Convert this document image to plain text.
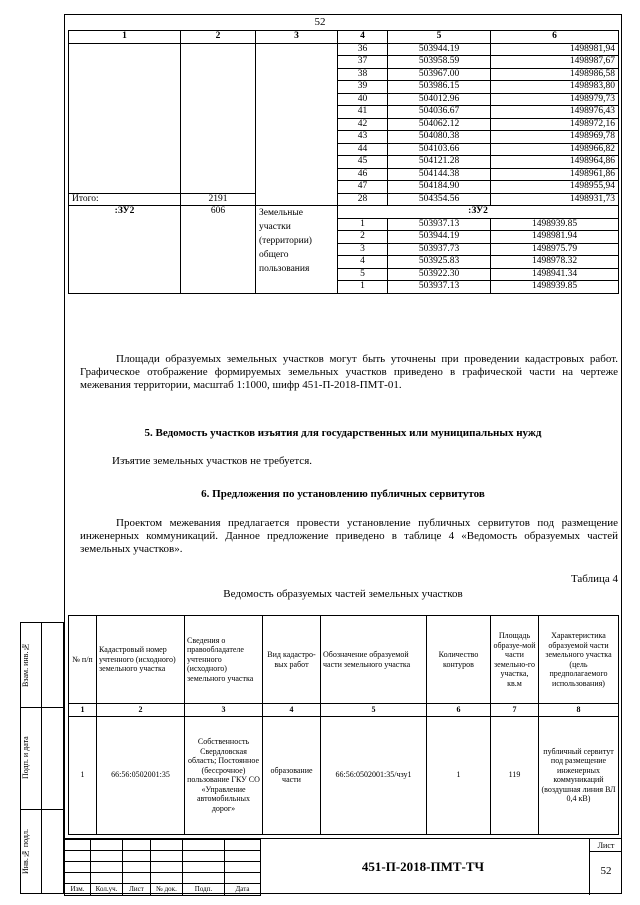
52
1	2	3	4	5	6
			36	503944.19	1498981,94
			37	503958.59	1498987,67
			38	503967.00	1498986,58
			39	503986.15	1498983,80
			40	504012.96	1498979,73
			41	504036.67	1498976,43
			42	504062.12	1498972,16
			43	504080.38	1498969,78
			44	504103.66	1498966,82
			45	504121.28	1498964,86
			46	504144.38	1498961,86
			47	504184.90	1498955,94
Итого:	2191		28	504354.56	1498931,73
:ЗУ2	606	Земельные участки (территории) общего пользования	:ЗУ2		
			1	503937.13	1498939.85
			2	503944.19	1498981.94
			3	503937.73	1498975.79
			4	503925.83	1498978.32
			5	503922.30	1498941.34
			1	503937.13	1498939.85
Площади образуемых земельных участков могут быть уточнены при проведении кадастровых работ. Графическое отображение формируемых земельных участков приведено в графической части на чертеже межевания территории, масштаб 1:1000, шифр 451-П-2018-ПМТ-01.
5. Ведомость участков изъятия для государственных или муниципальных нужд
Изъятие земельных участков не требуется.
6. Предложения по установлению публичных сервитутов
Проектом межевания предлагается провести установление публичных сервитутов под размещение инженерных коммуникаций. Данное предложение приведено в таблице 4 «Ведомость образуемых частей земельных участков».
Таблица 4
Ведомость образуемых частей земельных участков
№ п/п	Кадастровый номер учтенного (исходного) земельного участка	Сведения о правообладателе учтенного (исходного) земельного участка	Вид кадастро-вых работ	Обозначение образуемой части земельного участка	Количество контуров	Площадь образуе-мой части земельно-го участка, кв.м	Характеристика образуемой части земельного участка (цель предполагаемого использования)
1	2	3	4	5	6	7	8
1	66:56:0502001:35	Собственность Свердловская область; Постоянное (бессрочное) пользование ГКУ СО «Управление автомобильных дорог»	образование части	66:56:0502001:35/чзу1	1	119	публичный сервитут под размещение инженерных коммуникаций (воздушная линия ВЛ 0,4 кВ)
Взам. инв.№
Подп. и дата
Инв.№ подл.

Изм.	Кол.уч.	Лист	№ док.	Подп.	Дата
451-П-2018-ПМТ-ТЧ
Лист
52
